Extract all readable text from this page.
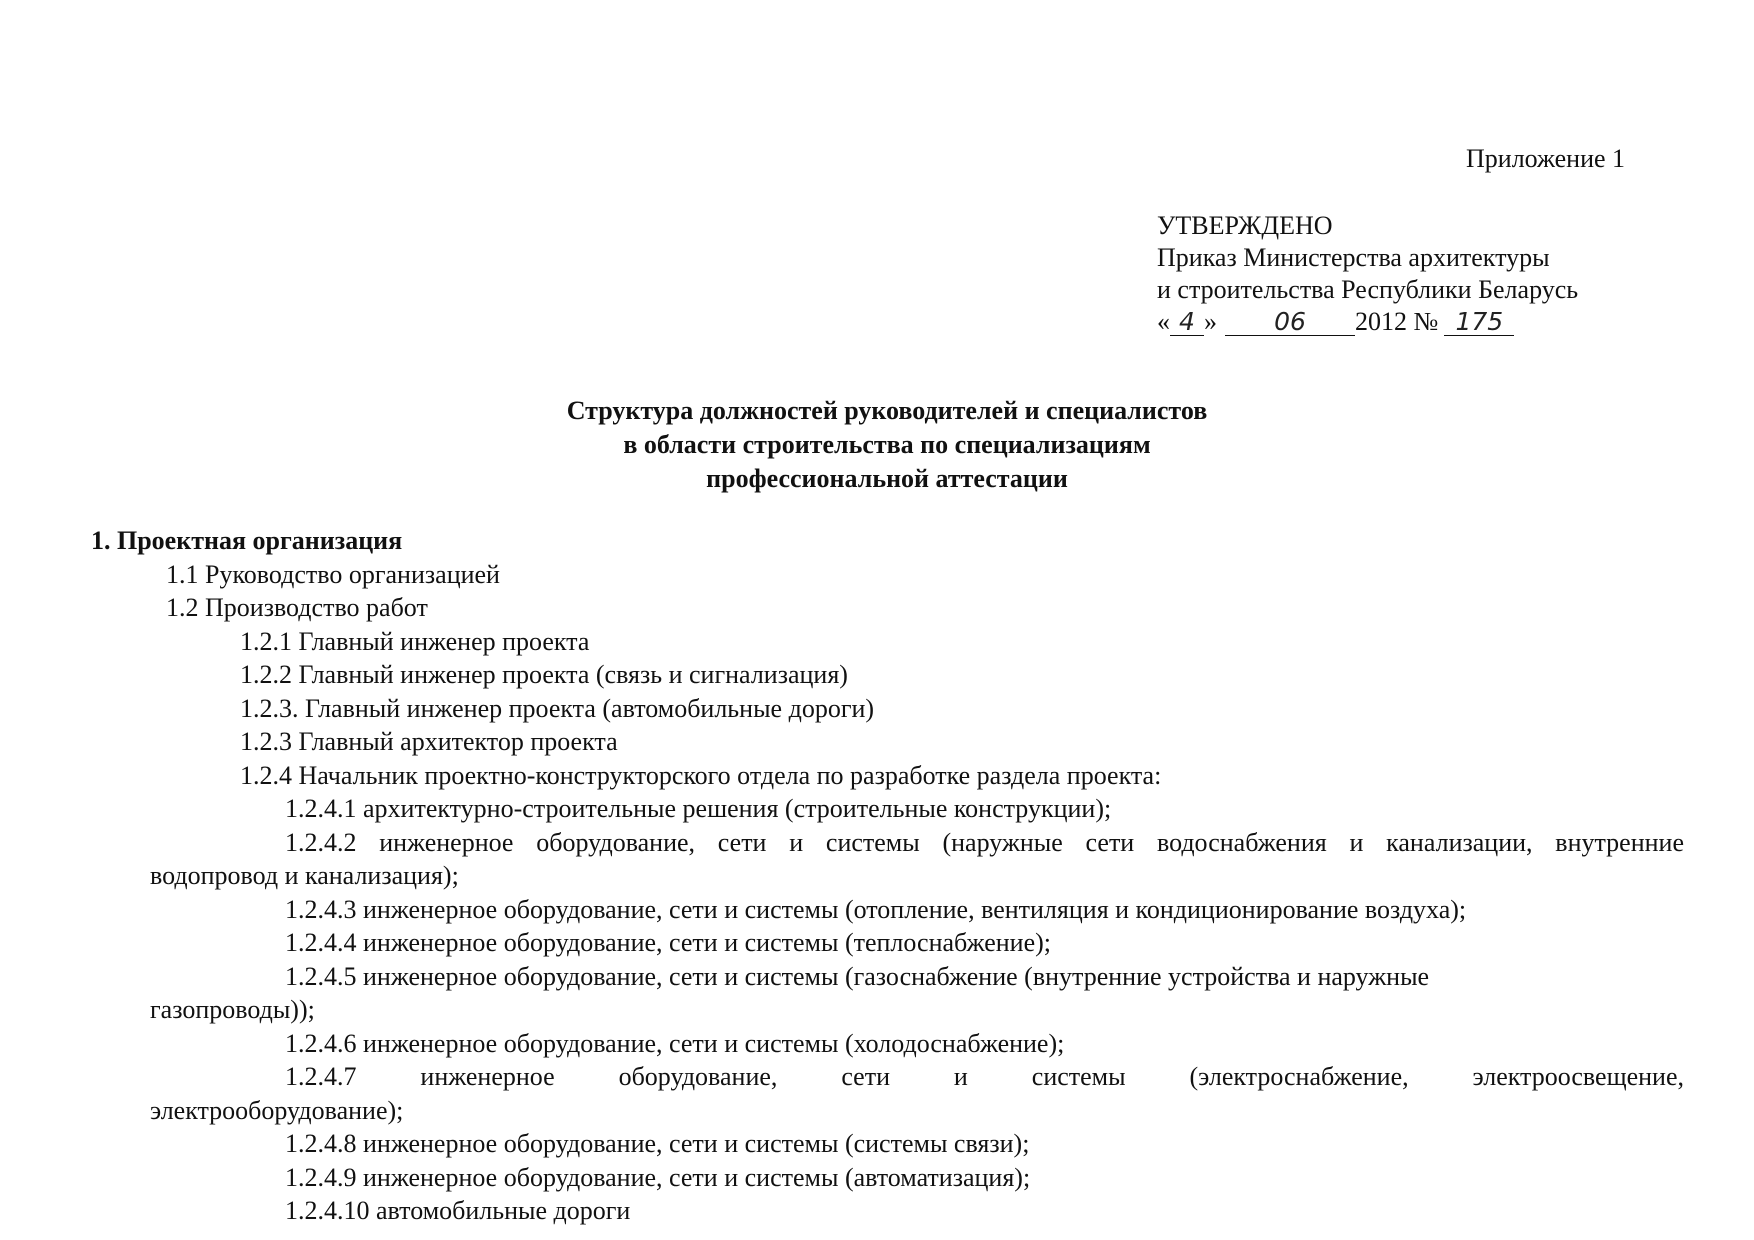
Приложение 1
УТВЕРЖДЕНО
Приказ Министерства архитектуры
и строительства Республики Беларусь
« 4 » 06 2012 № 175
Структура должностей руководителей и специалистов
в области строительства по специализациям
профессиональной аттестации
1. Проектная организация
1.1 Руководство организацией
1.2 Производство работ
1.2.1 Главный инженер проекта
1.2.2 Главный инженер проекта (связь и сигнализация)
1.2.3. Главный инженер проекта (автомобильные дороги)
1.2.3 Главный архитектор проекта
1.2.4 Начальник проектно-конструкторского отдела по разработке раздела проекта:
1.2.4.1 архитектурно-строительные решения (строительные конструкции);
1.2.4.2 инженерное оборудование, сети и системы (наружные сети водоснабжения и канализации, внутренние
водопровод и канализация);
1.2.4.3 инженерное оборудование, сети и системы (отопление, вентиляция и кондиционирование воздуха);
1.2.4.4 инженерное оборудование, сети и системы (теплоснабжение);
1.2.4.5 инженерное оборудование, сети и системы (газоснабжение (внутренние устройства и наружные
газопроводы));
1.2.4.6 инженерное оборудование, сети и системы (холодоснабжение);
1.2.4.7 инженерное оборудование, сети и системы (электроснабжение, электроосвещение,
электрооборудование);
1.2.4.8 инженерное оборудование, сети и системы (системы связи);
1.2.4.9 инженерное оборудование, сети и системы (автоматизация);
1.2.4.10 автомобильные дороги
